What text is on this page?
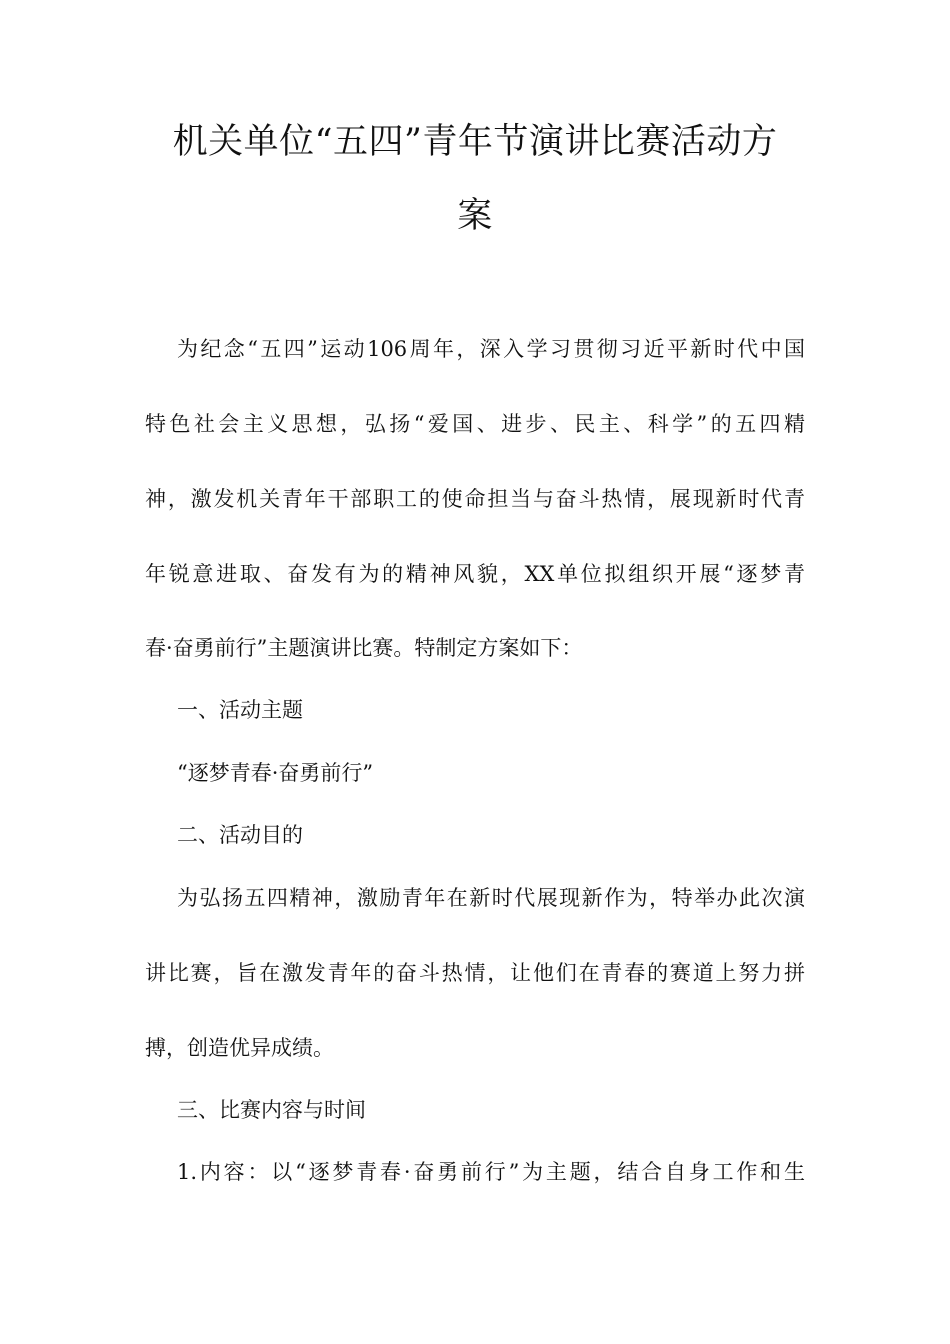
机关单位“五四”青年节演讲比赛活动方
案
为纪念“五四”运动106周年，深入学习贯彻习近平新时代中国
特色社会主义思想，弘扬“爱国、进步、民主、科学”的五四精
神，激发机关青年干部职工的使命担当与奋斗热情，展现新时代青
年锐意进取、奋发有为的精神风貌，XX单位拟组织开展“逐梦青
春·奋勇前行”主题演讲比赛。特制定方案如下：
一、活动主题
“逐梦青春·奋勇前行”
二、活动目的
为弘扬五四精神，激励青年在新时代展现新作为，特举办此次演
讲比赛，旨在激发青年的奋斗热情，让他们在青春的赛道上努力拼
搏，创造优异成绩。
三、比赛内容与时间
1.内容：以“逐梦青春·奋勇前行”为主题，结合自身工作和生
